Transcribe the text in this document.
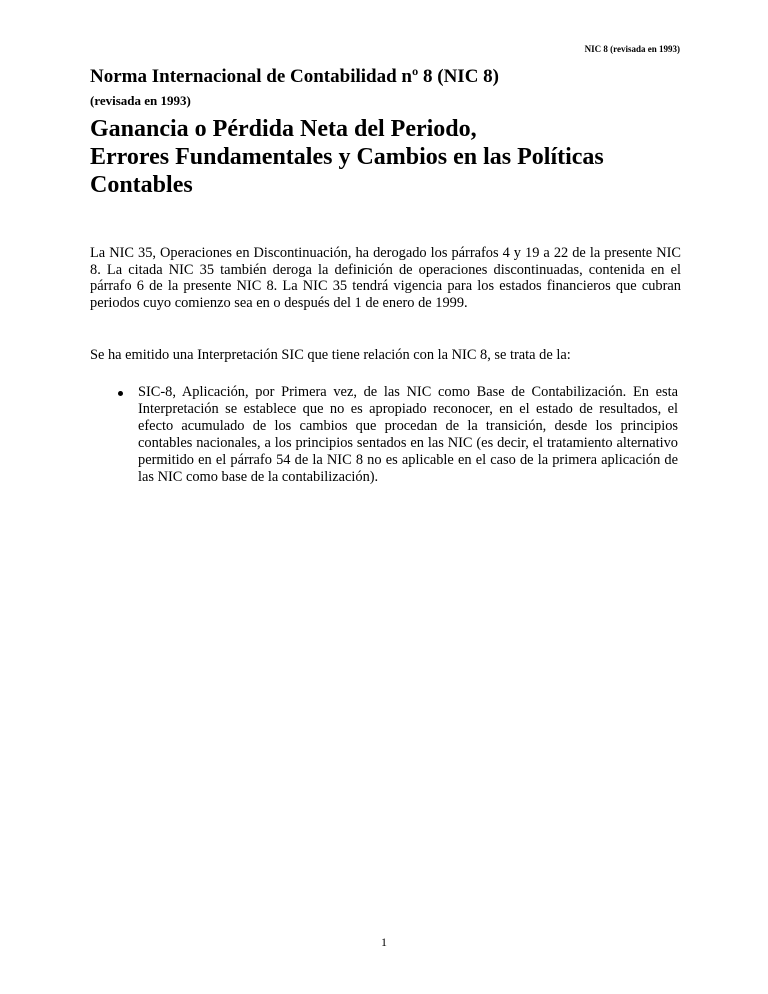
NIC 8 (revisada en 1993)
Norma Internacional de Contabilidad nº 8 (NIC 8)
(revisada en 1993)
Ganancia o Pérdida Neta del Periodo,
Errores Fundamentales y Cambios en las Políticas
Contables

La NIC 35, Operaciones en Discontinuación, ha derogado los párrafos 4 y 19 a 22 de la presente NIC 8. La citada NIC 35 también deroga la definición de operaciones discontinuadas, contenida en el párrafo 6 de la presente NIC 8. La NIC 35 tendrá vigencia para los estados financieros que cubran periodos cuyo comienzo sea en o después del 1 de enero de 1999.

Se ha emitido una Interpretación SIC que tiene relación con la NIC 8, se trata de la:

SIC-8, Aplicación, por Primera vez, de las NIC como Base de Contabilización. En esta Interpretación se establece que no es apropiado reconocer, en el estado de resultados, el efecto acumulado de los cambios que procedan de la transición, desde los principios contables nacionales, a los principios sentados en las NIC (es decir, el tratamiento alternativo permitido en el párrafo 54 de la NIC 8 no es aplicable en el caso de la primera aplicación de las NIC como base de la contabilización).
1
